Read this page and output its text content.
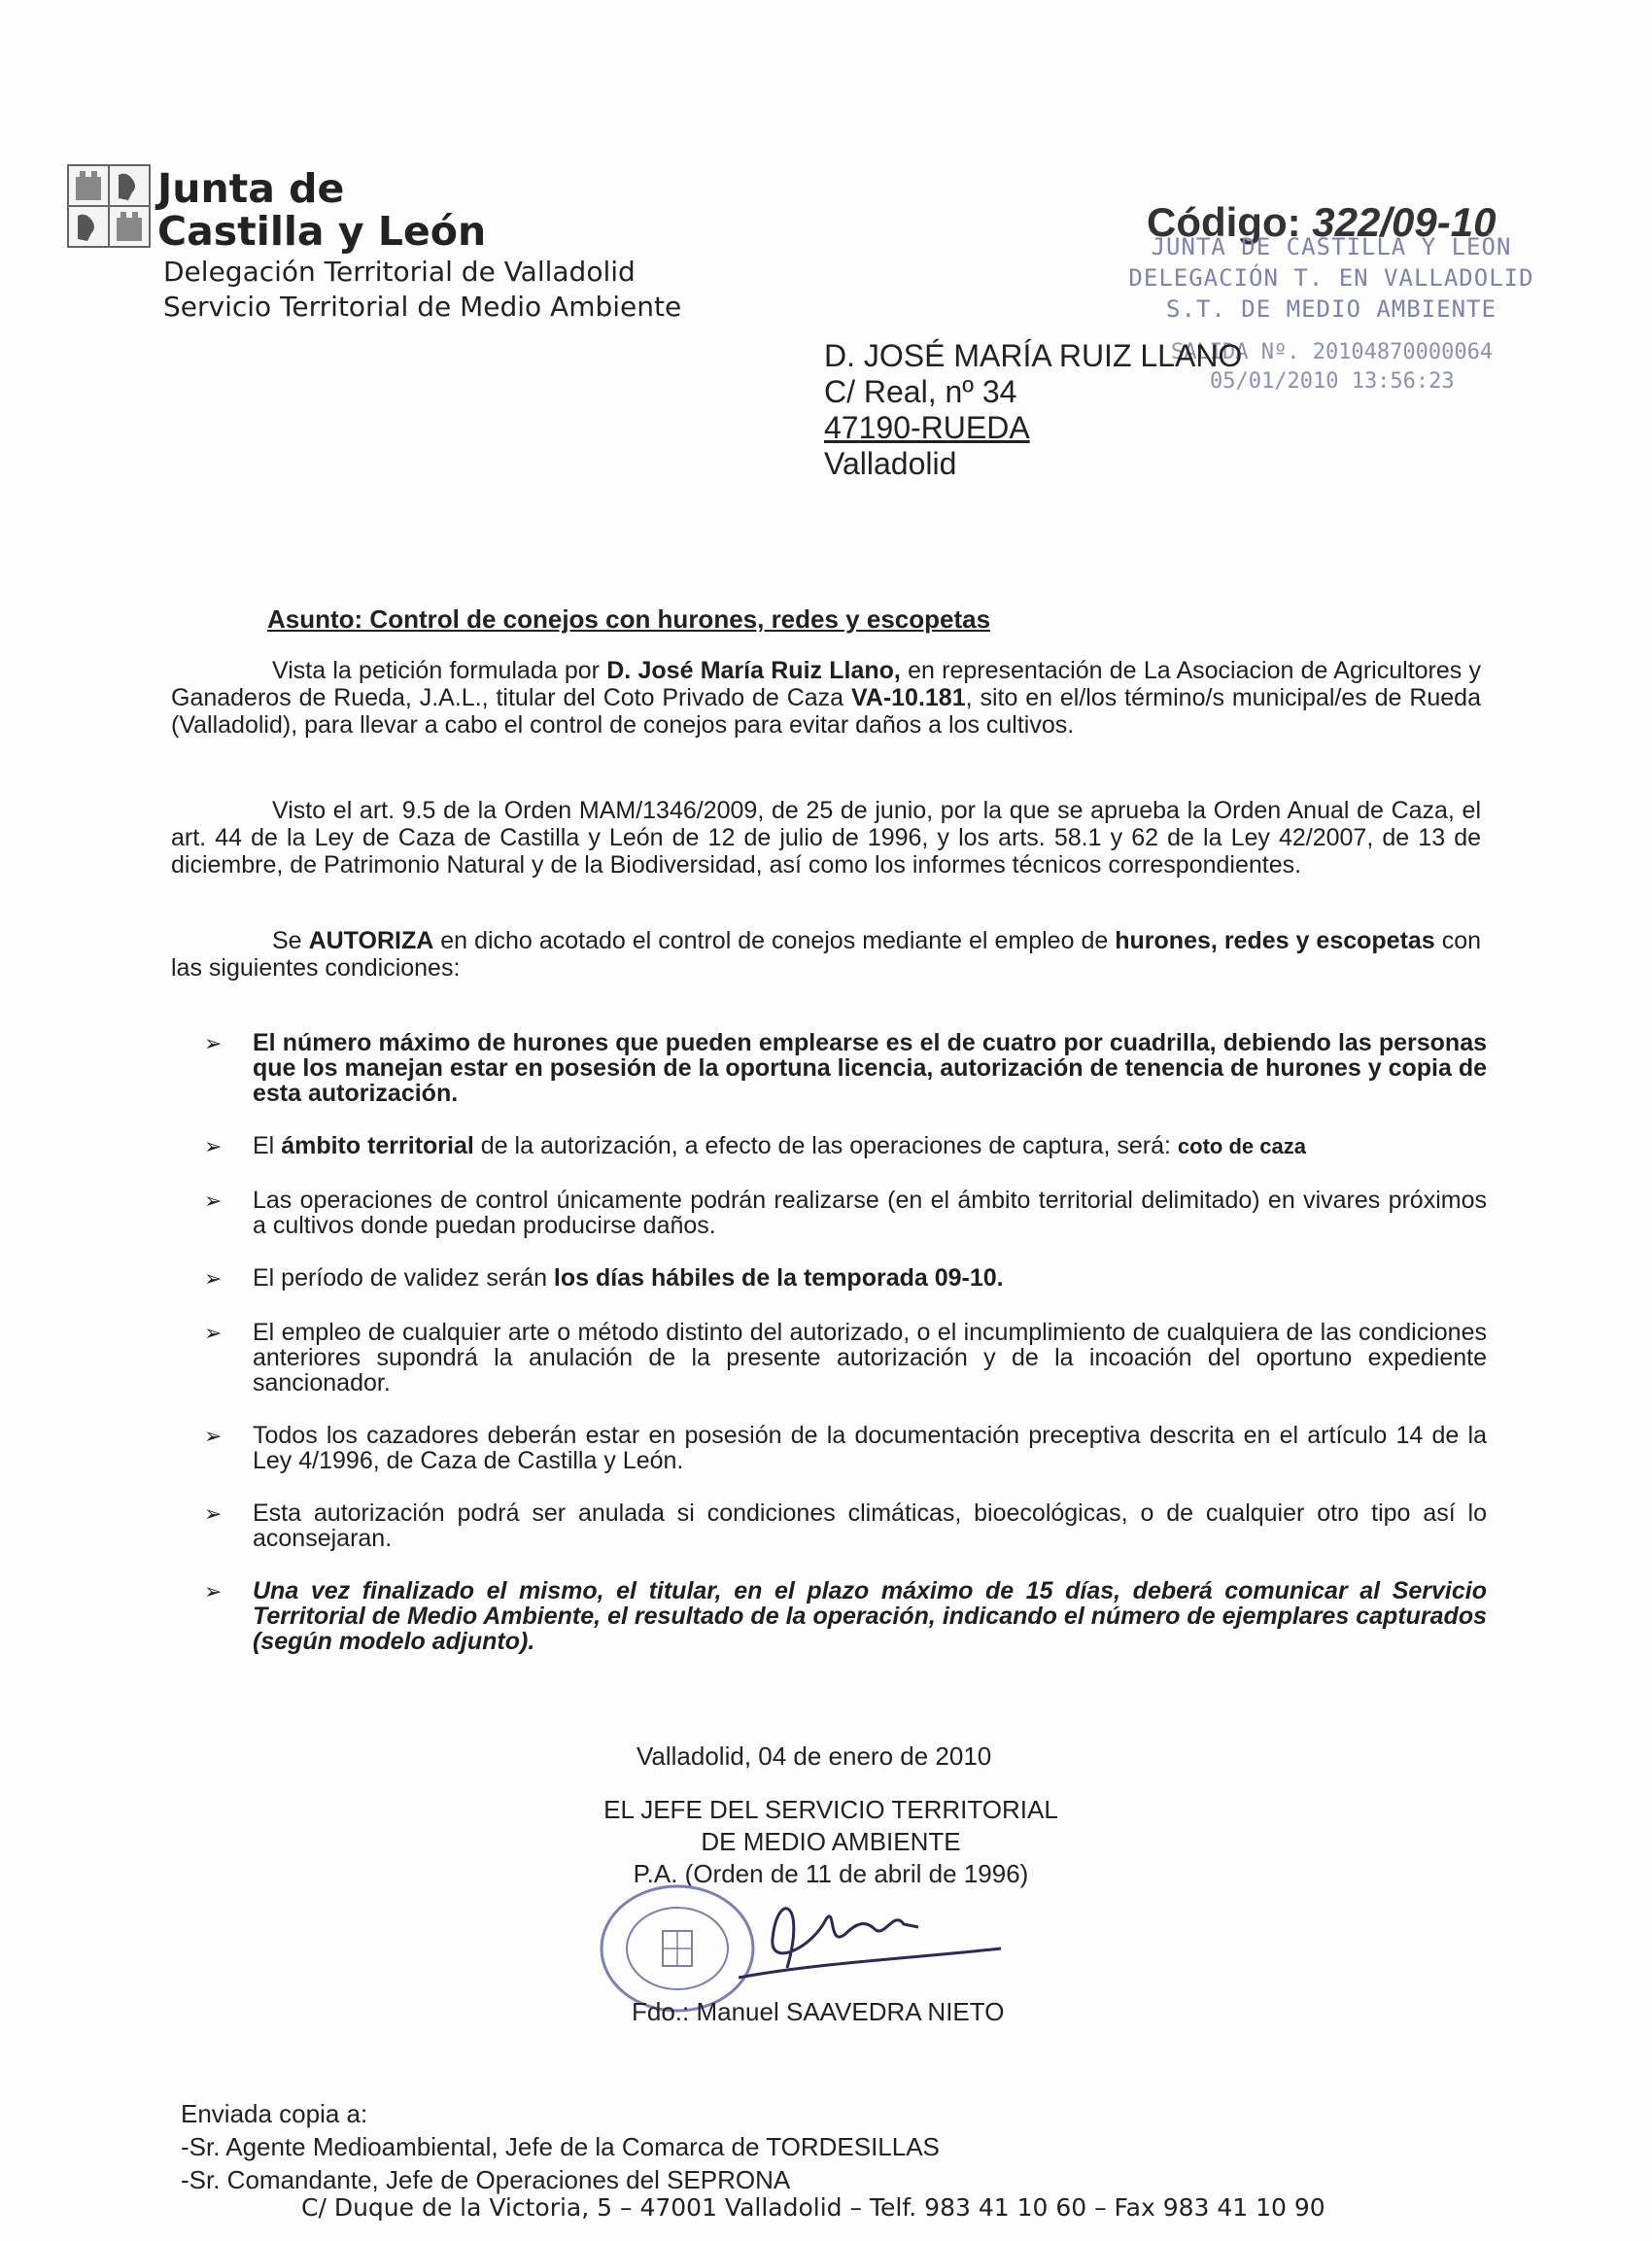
Junta de
Castilla y León
Delegación Territorial de Valladolid
Servicio Territorial de Medio Ambiente
Código: 322/09-10
JUNTA DE CASTILLA Y LEÓN
DELEGACIÓN T. EN VALLADOLID
S.T. DE MEDIO AMBIENTE
SALIDA Nº. 20104870000064
05/01/2010 13:56:23
D. JOSÉ MARÍA RUIZ LLANO
C/ Real, nº 34
47190-RUEDA
Valladolid
Asunto: Control de conejos con hurones, redes y escopetas
Vista la petición formulada por D. José María Ruiz Llano, en representación de La Asociacion de Agricultores y Ganaderos de Rueda, J.A.L., titular del Coto Privado de Caza VA-10.181, sito en el/los término/s municipal/es de Rueda (Valladolid), para llevar a cabo el control de conejos para evitar daños a los cultivos.
Visto el art. 9.5 de la Orden MAM/1346/2009, de 25 de junio, por la que se aprueba la Orden Anual de Caza, el art. 44 de la Ley de Caza de Castilla y León de 12 de julio de 1996, y los arts. 58.1 y 62 de la Ley 42/2007, de 13 de diciembre, de Patrimonio Natural y de la Biodiversidad, así como los informes técnicos correspondientes.
Se AUTORIZA en dicho acotado el control de conejos mediante el empleo de hurones, redes y escopetas con las siguientes condiciones:
➢	El número máximo de hurones que pueden emplearse es el de cuatro por cuadrilla, debiendo las personas que los manejan estar en posesión de la oportuna licencia, autorización de tenencia de hurones y copia de esta autorización.
➢	El ámbito territorial de la autorización, a efecto de las operaciones de captura, será: coto de caza
➢	Las operaciones de control únicamente podrán realizarse (en el ámbito territorial delimitado) en vivares próximos a cultivos donde puedan producirse daños.
➢	El período de validez serán los días hábiles de la temporada 09-10.
➢	El empleo de cualquier arte o método distinto del autorizado, o el incumplimiento de cualquiera de las condiciones anteriores supondrá la anulación de la presente autorización y de la incoación del oportuno expediente sancionador.
➢	Todos los cazadores deberán estar en posesión de la documentación preceptiva descrita en el artículo 14 de la Ley 4/1996, de Caza de Castilla y León.
➢	Esta autorización podrá ser anulada si condiciones climáticas, bioecológicas, o de cualquier otro tipo así lo aconsejaran.
➢	Una vez finalizado el mismo, el titular, en el plazo máximo de 15 días, deberá comunicar al Servicio Territorial de Medio Ambiente, el resultado de la operación, indicando el número de ejemplares capturados (según modelo adjunto).
Valladolid, 04 de enero de 2010
EL JEFE DEL SERVICIO TERRITORIAL
DE MEDIO AMBIENTE
P.A. (Orden de 11 de abril de 1996)
Fdo.: Manuel SAAVEDRA NIETO
Enviada copia a:
-Sr. Agente Medioambiental, Jefe de la Comarca de TORDESILLAS
-Sr. Comandante, Jefe de Operaciones del SEPRONA
C/ Duque de la Victoria, 5 – 47001 Valladolid – Telf. 983 41 10 60 – Fax 983 41 10 90
